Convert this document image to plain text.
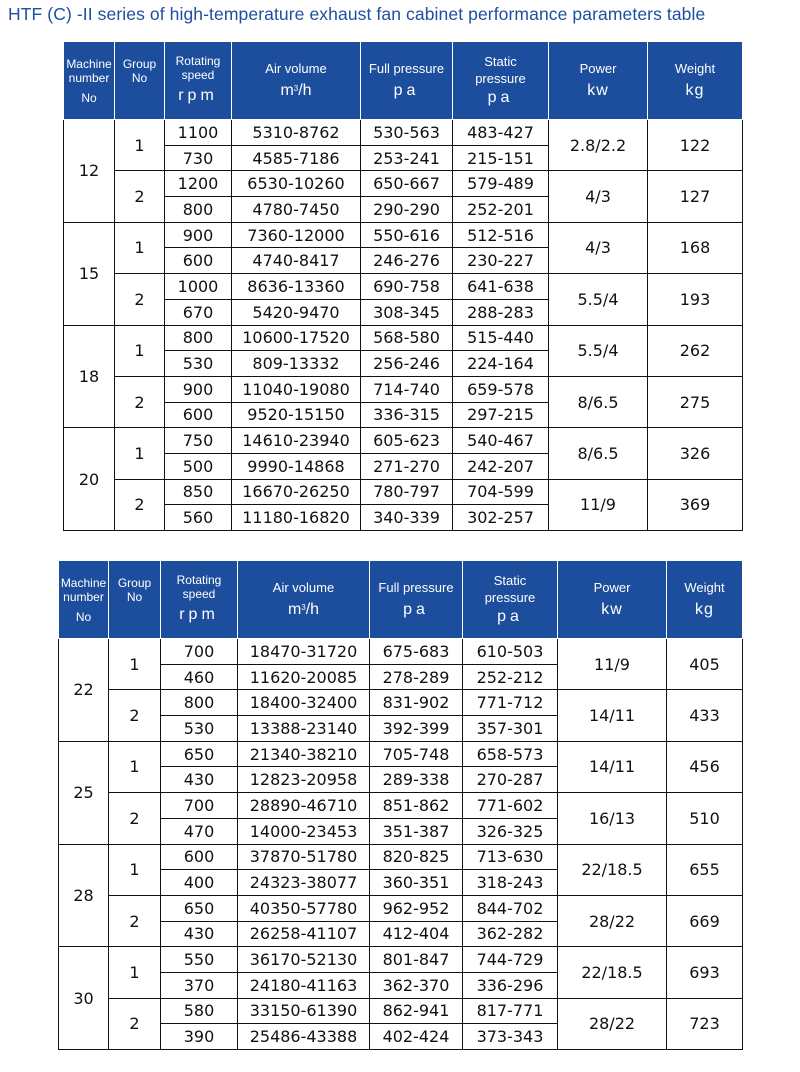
HTF (C) -II series of high-temperature exhaust fan cabinet performance parameters table
Machine
number
No	Group
No	Rotating
speed
rpm	Air volume
$m^3/h$	Full pressure
pa	Static
pressure
pa	Power
kw	Weight
kg

12	1	1100	5310-8762	530-563	483-427	2.8/2.2	122
		730	4585-7186	253-241	215-151		
	2	1200	6530-10260	650-667	579-489	4/3	127
		800	4780-7450	290-290	252-201		
15	1	900	7360-12000	550-616	512-516	4/3	168
		600	4740-8417	246-276	230-227		
	2	1000	8636-13360	690-758	641-638	5.5/4	193
		670	5420-9470	308-345	288-283		
18	1	800	10600-17520	568-580	515-440	5.5/4	262
		530	809-13332	256-246	224-164		
	2	900	11040-19080	714-740	659-578	8/6.5	275
		600	9520-15150	336-315	297-215		
20	1	750	14610-23940	605-623	540-467	8/6.5	326
		500	9990-14868	271-270	242-207		
	2	850	16670-26250	780-797	704-599	11/9	369
		560	11180-16820	340-339	302-257		
Machine
number
No	Group
No	Rotating
speed
rpm	Air volume
$m^3/h$	Full pressure
pa	Static
pressure
pa	Power
kw	Weight
kg

22	1	700	18470-31720	675-683	610-503	11/9	405
		460	11620-20085	278-289	252-212		
	2	800	18400-32400	831-902	771-712	14/11	433
		530	13388-23140	392-399	357-301		
25	1	650	21340-38210	705-748	658-573	14/11	456
		430	12823-20958	289-338	270-287		
	2	700	28890-46710	851-862	771-602	16/13	510
		470	14000-23453	351-387	326-325		
28	1	600	37870-51780	820-825	713-630	22/18.5	655
		400	24323-38077	360-351	318-243		
	2	650	40350-57780	962-952	844-702	28/22	669
		430	26258-41107	412-404	362-282		
30	1	550	36170-52130	801-847	744-729	22/18.5	693
		370	24180-41163	362-370	336-296		
	2	580	33150-61390	862-941	817-771	28/22	723
		390	25486-43388	402-424	373-343		
